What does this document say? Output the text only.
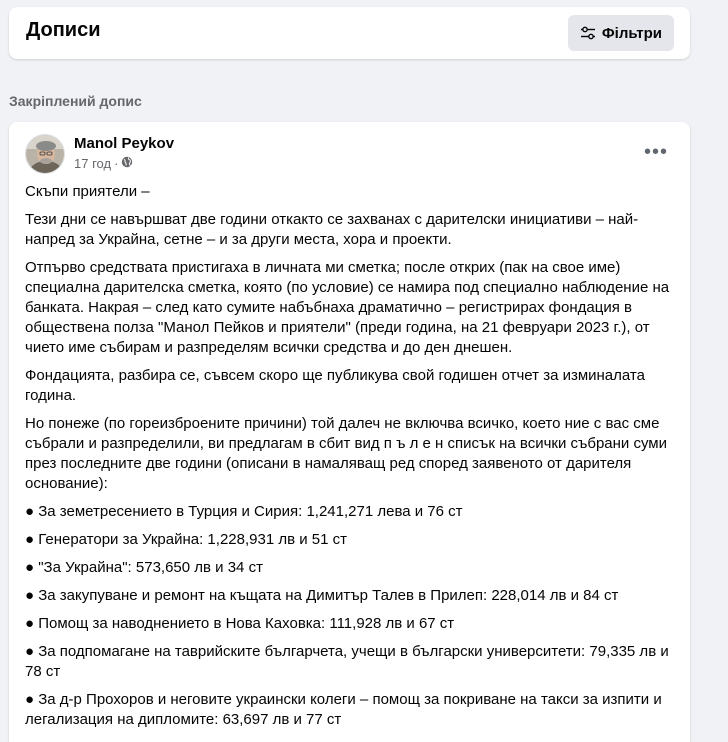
Дописи	Фільтри
Закріплений допис
Manol Peykov
17 год ·
•••

Скъпи приятели –

Тези дни се навършват две години откакто се захванах с дарителски инициативи – най-напред за Украйна, сетне – и за други места, хора и проекти.

Отпърво средствата пристигаха в личната ми сметка; после открих (пак на свое име) специална дарителска сметка, която (по условие) се намира под специално наблюдение на банката. Накрая – след като сумите набъбнаха драматично – регистрирах фондация в обществена полза "Манол Пейков и приятели" (преди година, на 21 февруари 2023 г.), от чието име събирам и разпределям всички средства и до ден днешен.

Фондацията, разбира се, съвсем скоро ще публикува свой годишен отчет за изминалата година.

Но понеже (по гореизброените причини) той далеч не включва всичко, което ние с вас сме събрали и разпределили, ви предлагам в сбит вид п ъ л е н списък на всички събрани суми през последните две години (описани в намаляващ ред според заявеното от дарителя основание):

● За земетресението в Турция и Сирия: 1,241,271 лева и 76 ст

● Генератори за Украйна: 1,228,931 лв и 51 ст

● "За Украйна": 573,650 лв и 34 ст

● За закупуване и ремонт на къщата на Димитър Талев в Прилеп: 228,014 лв и 84 ст

● Помощ за наводнението в Нова Каховка: 111,928 лв и 67 ст

● За подпомагане на таврийските българчета, учещи в български университети: 79,335 лв и 78 ст

● За д-р Прохоров и неговите украински колеги – помощ за покриване на такси за изпити и легализация на дипломите: 63,697 лв и 77 ст
